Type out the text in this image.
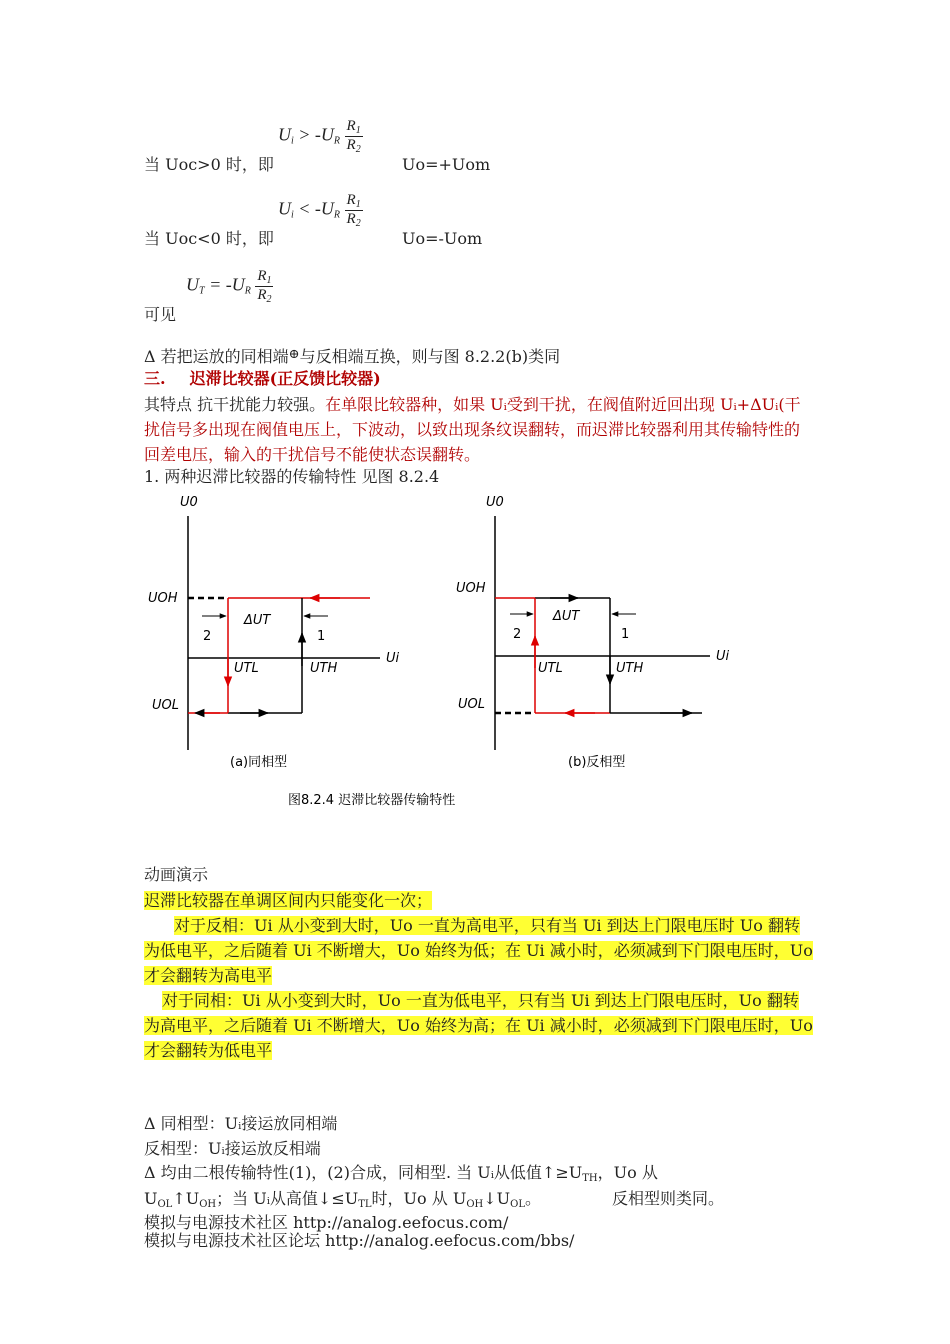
$U_i > -U_R \frac{R_1}{R_2}$
当 Uoc>0 时，即	Uo=+Uom
$U_i < -U_R \frac{R_1}{R_2}$
当 Uoc<0 时，即	Uo=-Uom
$U_T = -U_R \frac{R_1}{R_2}$
可见
Δ 若把运放的同相端⊕与反相端互换，则与图 8.2.2(b)类同
三. 迟滞比较器(正反馈比较器)
其特点 抗干扰能力较强。在单限比较器种，如果 Uᵢ受到干扰，在阀值附近回出现 Uᵢ+ΔUᵢ(干扰信号多出现在阀值电压上，下波动，以致出现条纹误翻转，而迟滞比较器利用其传输特性的回差电压，输入的干扰信号不能使状态误翻转。
1. 两种迟滞比较器的传输特性 见图 8.2.4
U0
Ui
UOH
UOL
ΔUT
2	1
UTL	UTH
(a)同相型
U0
Ui
UOH
UOL
ΔUT
2	1
UTL	UTH
(b)反相型
图8.2.4 迟滞比较器传输特性
动画演示
迟滞比较器在单调区间内只能变化一次；
对于反相：Ui 从小变到大时，Uo 一直为高电平，只有当 Ui 到达上门限电压时 Uo 翻转为低电平，之后随着 Ui 不断增大，Uo 始终为低；在 Ui 减小时，必须减到下门限电压时，Uo 才会翻转为高电平
对于同相：Ui 从小变到大时，Uo 一直为低电平，只有当 Ui 到达上门限电压时，Uo 翻转为高电平，之后随着 Ui 不断增大，Uo 始终为高；在 Ui 减小时，必须减到下门限电压时，Uo 才会翻转为低电平
Δ 同相型：Uᵢ接运放同相端
反相型：Uᵢ接运放反相端
Δ 均由二根传输特性(1)，(2)合成，同相型. 当 Uᵢ从低值$↑\ge U_{TH}$，Uo 从
$U_{OL}↑U_{OH}$；当 Uᵢ从高值$↓\le U_{TL}$时，Uo 从 $U_{OH}↓U_{OL}$。	反相型则类同。
模拟与电源技术社区 http://analog.eefocus.com/
模拟与电源技术社区论坛 http://analog.eefocus.com/bbs/
